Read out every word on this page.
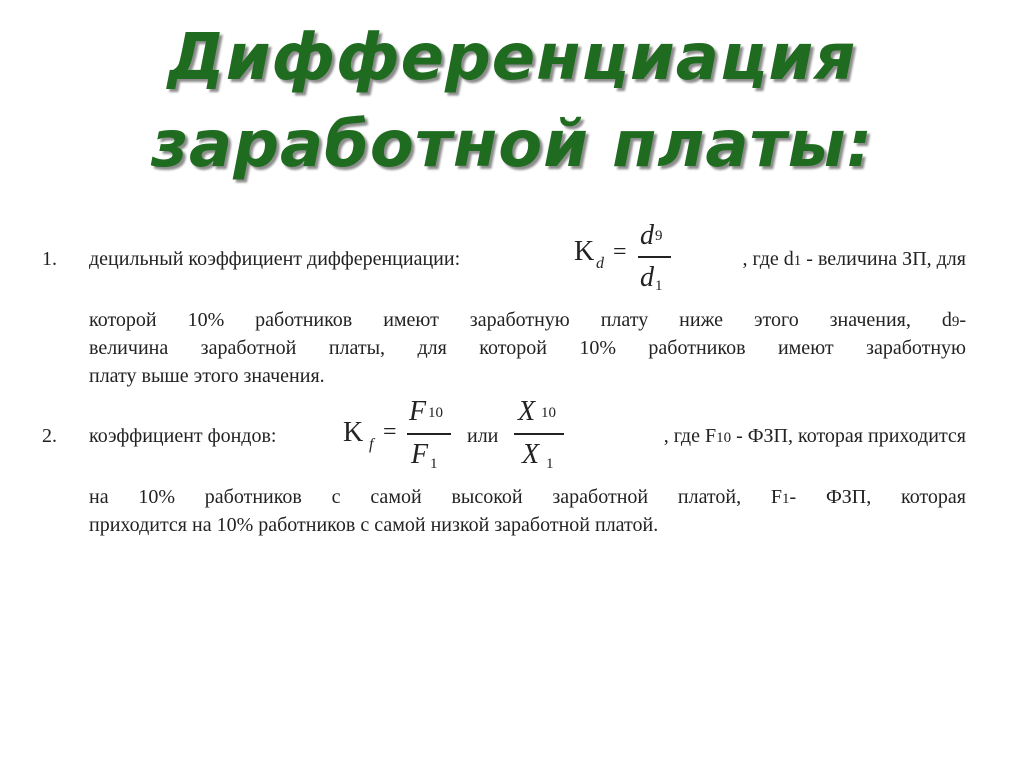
Дифференциация
заработной платы:
1. децильный коэффициент дифференциации:	K d =
d 9
d 1
, где d1 - величина ЗП, для
которой 10% работников имеют заработную плату ниже этого значения, d9-
величина заработной платы, для которой 10% работников имеют заработную
плату выше этого значения.
2. коэффициент фондов: K f =
F 10
F 1
или
X 10
X 1
, где F10 - ФЗП, которая приходится
на 10% работников с самой высокой заработной платой, F1- ФЗП, которая
приходится на 10% работников с самой низкой заработной платой.
